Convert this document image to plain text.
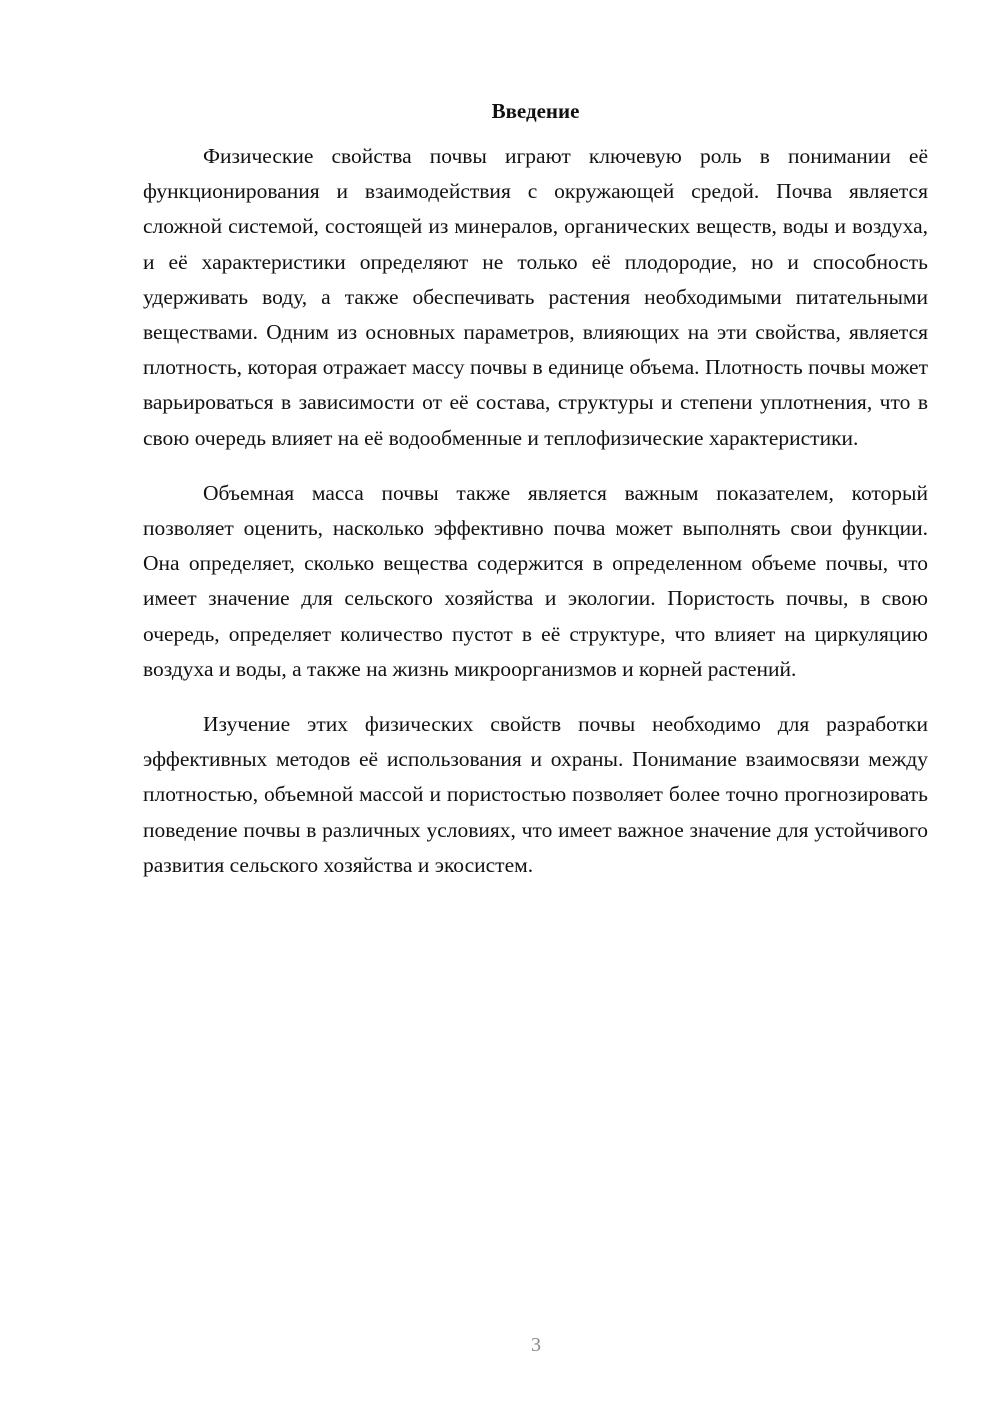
Введение

Физические свойства почвы играют ключевую роль в понимании её функционирования и взаимодействия с окружающей средой. Почва является сложной системой, состоящей из минералов, органических веществ, воды и воздуха, и её характеристики определяют не только её плодородие, но и способность удерживать воду, а также обеспечивать растения необходимыми питательными веществами. Одним из основных параметров, влияющих на эти свойства, является плотность, которая отражает массу почвы в единице объема. Плотность почвы может варьироваться в зависимости от её состава, структуры и степени уплотнения, что в свою очередь влияет на её водообменные и теплофизические характеристики.

Объемная масса почвы также является важным показателем, который позволяет оценить, насколько эффективно почва может выполнять свои функции. Она определяет, сколько вещества содержится в определенном объеме почвы, что имеет значение для сельского хозяйства и экологии. Пористость почвы, в свою очередь, определяет количество пустот в её структуре, что влияет на циркуляцию воздуха и воды, а также на жизнь микроорганизмов и корней растений.

Изучение этих физических свойств почвы необходимо для разработки эффективных методов её использования и охраны. Понимание взаимосвязи между плотностью, объемной массой и пористостью позволяет более точно прогнозировать поведение почвы в различных условиях, что имеет важное значение для устойчивого развития сельского хозяйства и экосистем.

3
